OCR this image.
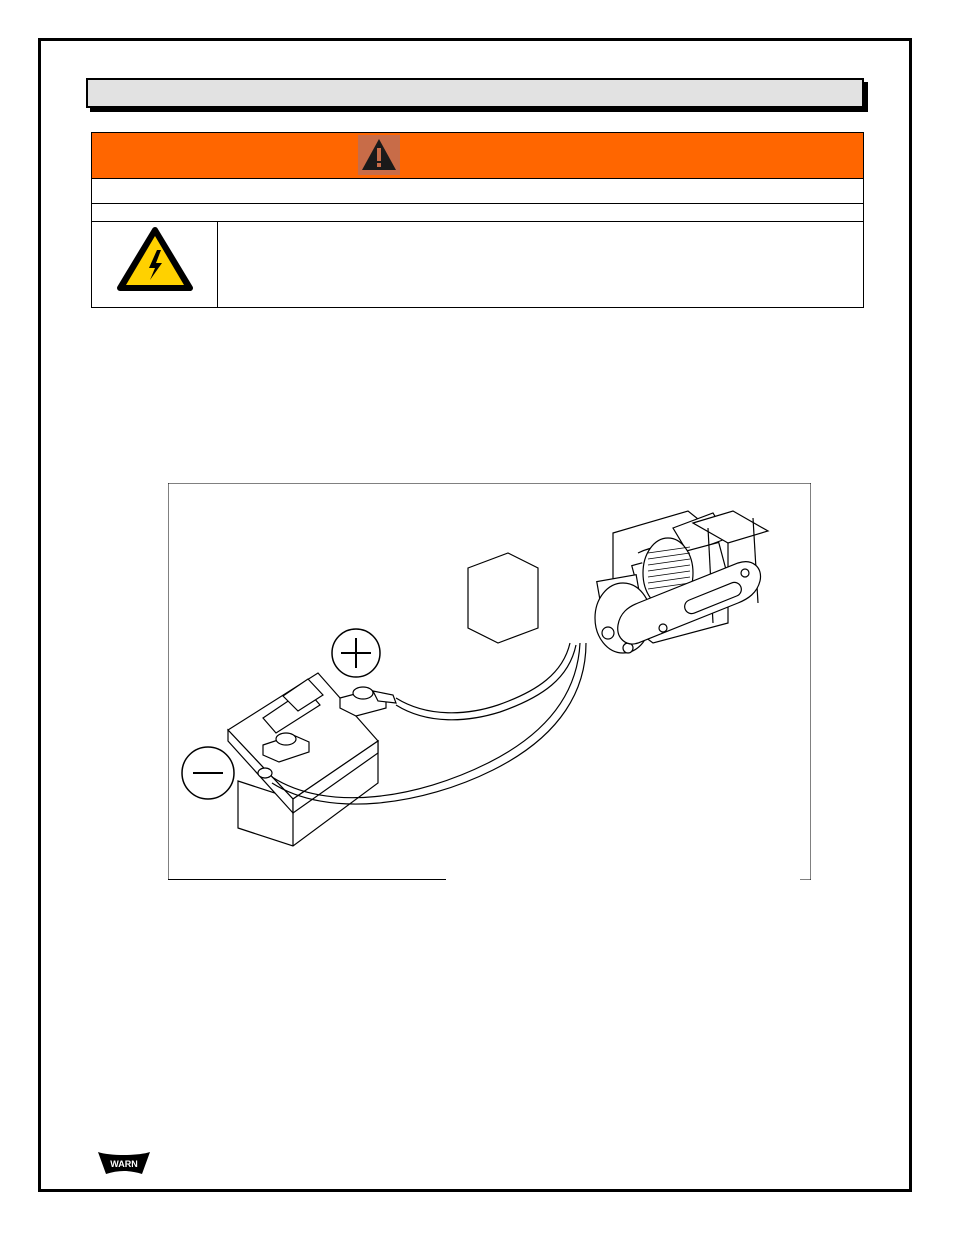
WARN
